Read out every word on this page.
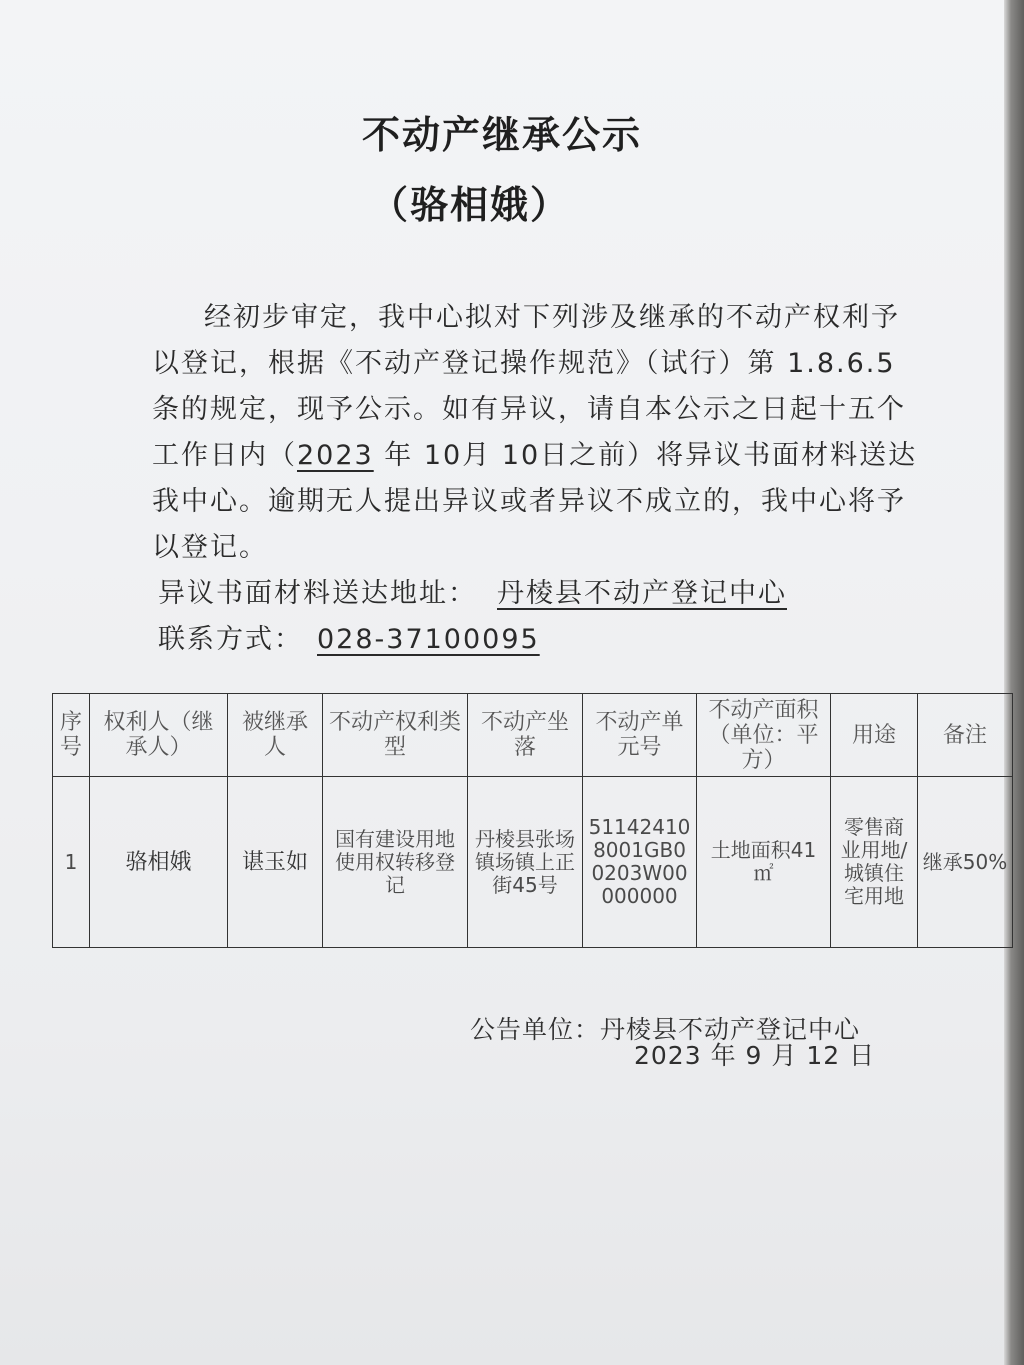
不动产继承公示
（骆相娥）
经初步审定，我中心拟对下列涉及继承的不动产权利予
以登记，根据《不动产登记操作规范》（试行）第 1.8.6.5
条的规定，现予公示。如有异议，请自本公示之日起十五个
工作日内（2023 年 10月 10日之前）将异议书面材料送达
我中心。逾期无人提出异议或者异议不成立的，我中心将予
以登记。
异议书面材料送达地址： 丹棱县不动产登记中心
联系方式： 028-37100095
序号	权利人（继承人）	被继承人	不动产权利类型	不动产坐落	不动产单元号	不动产面积（单位：平方）	用途	备注
1	骆相娥	谌玉如	国有建设用地使用权转移登记	丹棱县张场镇场镇上正街45号	511424108001GB00203W00000000	土地面积41 ㎡	零售商业用地/城镇住宅用地	继承50%
公告单位：丹棱县不动产登记中心
2023 年 9 月 12 日
